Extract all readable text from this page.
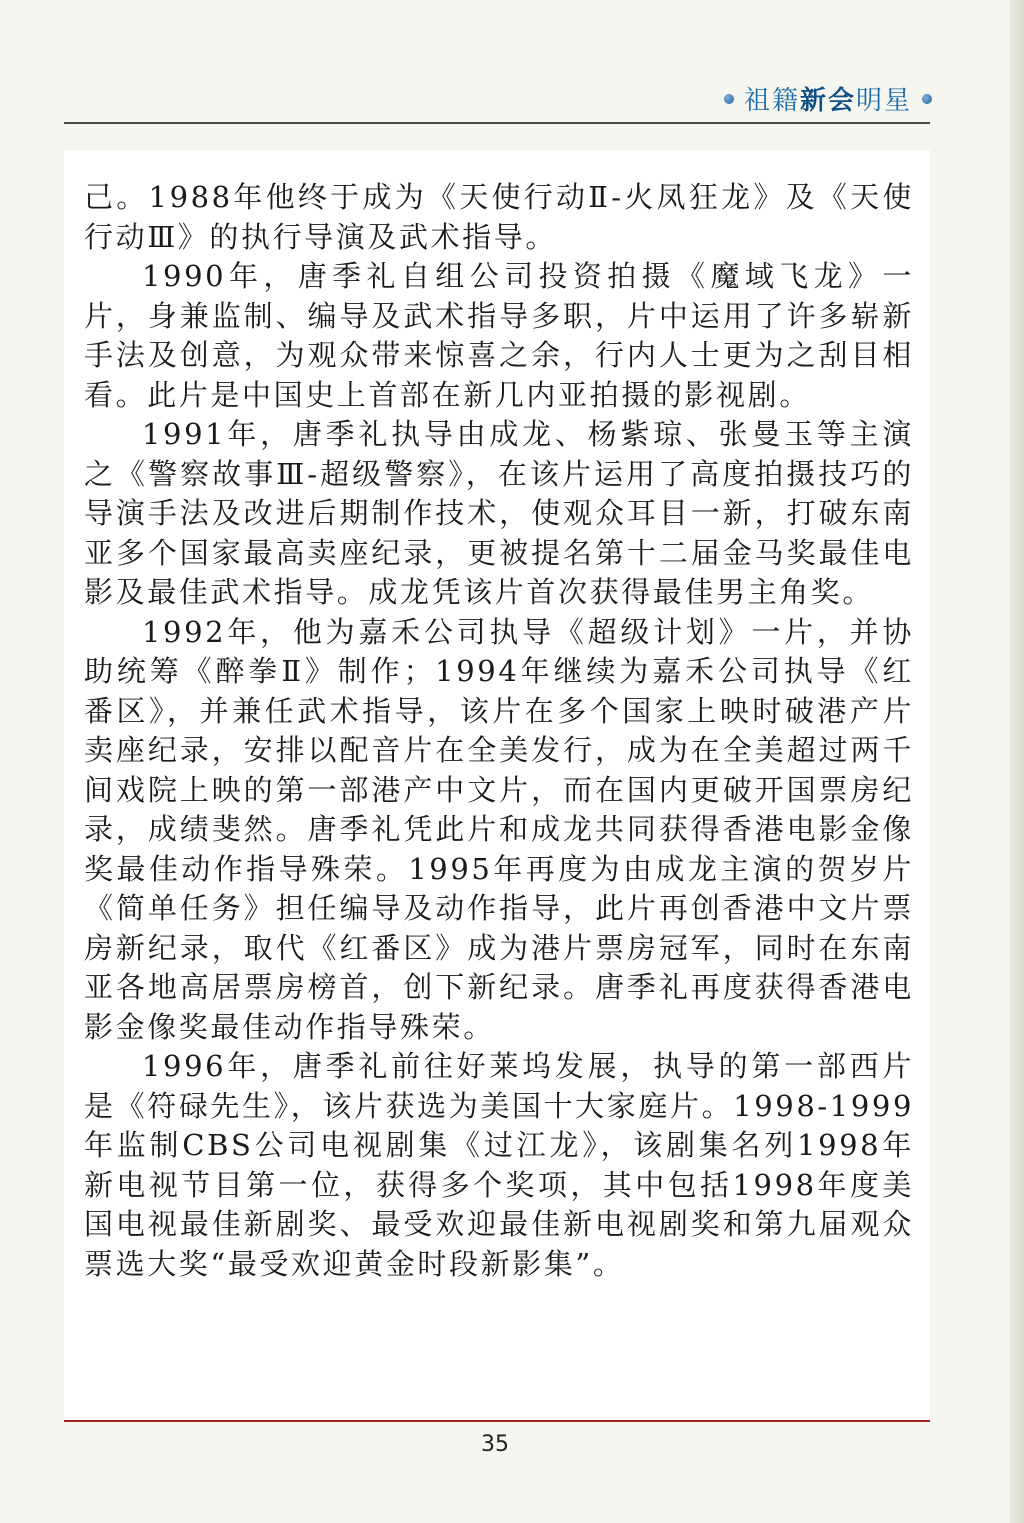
祖籍新会明星

己。1988年他终于成为《天使行动Ⅱ-火凤狂龙》及《天使行动Ⅲ》的执行导演及武术指导。

1990年，唐季礼自组公司投资拍摄《魔域飞龙》一片，身兼监制、编导及武术指导多职，片中运用了许多崭新手法及创意，为观众带来惊喜之余，行内人士更为之刮目相看。此片是中国史上首部在新几内亚拍摄的影视剧。

1991年，唐季礼执导由成龙、杨紫琼、张曼玉等主演之《警察故事Ⅲ-超级警察》，在该片运用了高度拍摄技巧的导演手法及改进后期制作技术，使观众耳目一新，打破东南亚多个国家最高卖座纪录，更被提名第十二届金马奖最佳电影及最佳武术指导。成龙凭该片首次获得最佳男主角奖。

1992年，他为嘉禾公司执导《超级计划》一片，并协助统筹《醉拳Ⅱ》制作；1994年继续为嘉禾公司执导《红番区》，并兼任武术指导，该片在多个国家上映时破港产片卖座纪录，安排以配音片在全美发行，成为在全美超过两千间戏院上映的第一部港产中文片，而在国内更破开国票房纪录，成绩斐然。唐季礼凭此片和成龙共同获得香港电影金像奖最佳动作指导殊荣。1995年再度为由成龙主演的贺岁片《简单任务》担任编导及动作指导，此片再创香港中文片票房新纪录，取代《红番区》成为港片票房冠军，同时在东南亚各地高居票房榜首，创下新纪录。唐季礼再度获得香港电影金像奖最佳动作指导殊荣。

1996年，唐季礼前往好莱坞发展，执导的第一部西片是《符碌先生》，该片获选为美国十大家庭片。1998-1999年监制CBS公司电视剧集《过江龙》，该剧集名列1998年新电视节目第一位，获得多个奖项，其中包括1998年度美国电视最佳新剧奖、最受欢迎最佳新电视剧奖和第九届观众票选大奖“最受欢迎黄金时段新影集”。

35
